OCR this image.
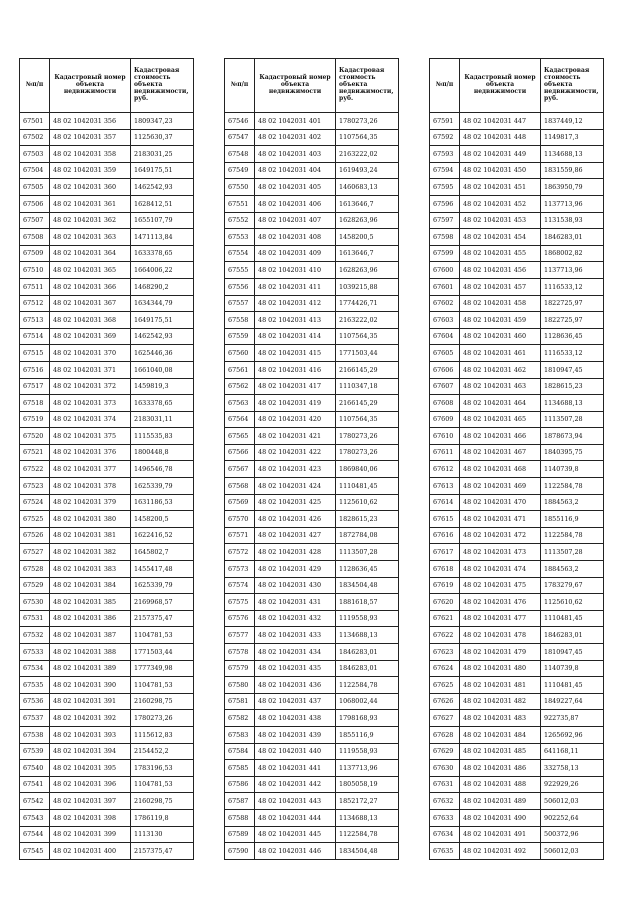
№п/п	Кадастровый номер объекта недвижимости	Кадастровая стоимость объекта недвижимости, руб.
67501	48 02 1042031 356	1809347,23
67502	48 02 1042031 357	1125630,37
67503	48 02 1042031 358	2183031,25
67504	48 02 1042031 359	1649175,51
67505	48 02 1042031 360	1462542,93
67506	48 02 1042031 361	1628412,51
67507	48 02 1042031 362	1655107,79
67508	48 02 1042031 363	1471113,84
67509	48 02 1042031 364	1633378,65
67510	48 02 1042031 365	1664006,22
67511	48 02 1042031 366	1468290,2
67512	48 02 1042031 367	1634344,79
67513	48 02 1042031 368	1649175,51
67514	48 02 1042031 369	1462542,93
67515	48 02 1042031 370	1625446,36
67516	48 02 1042031 371	1661040,08
67517	48 02 1042031 372	1459819,3
67518	48 02 1042031 373	1633378,65
67519	48 02 1042031 374	2183031,11
67520	48 02 1042031 375	1115535,83
67521	48 02 1042031 376	1800448,8
67522	48 02 1042031 377	1496546,78
67523	48 02 1042031 378	1625339,79
67524	48 02 1042031 379	1631186,53
67525	48 02 1042031 380	1458200,5
67526	48 02 1042031 381	1622416,52
67527	48 02 1042031 382	1645802,7
67528	48 02 1042031 383	1455417,48
67529	48 02 1042031 384	1625339,79
67530	48 02 1042031 385	2169968,57
67531	48 02 1042031 386	2157375,47
67532	48 02 1042031 387	1104781,53
67533	48 02 1042031 388	1771503,44
67534	48 02 1042031 389	1777349,98
67535	48 02 1042031 390	1104781,53
67536	48 02 1042031 391	2160298,75
67537	48 02 1042031 392	1780273,26
67538	48 02 1042031 393	1115612,83
67539	48 02 1042031 394	2154452,2
67540	48 02 1042031 395	1783196,53
67541	48 02 1042031 396	1104781,53
67542	48 02 1042031 397	2160298,75
67543	48 02 1042031 398	1786119,8
67544	48 02 1042031 399	1113130
67545	48 02 1042031 400	2157375,47
№п/п	Кадастровый номер объекта недвижимости	Кадастровая стоимость объекта недвижимости, руб.
67546	48 02 1042031 401	1780273,26
67547	48 02 1042031 402	1107564,35
67548	48 02 1042031 403	2163222,02
67549	48 02 1042031 404	1619493,24
67550	48 02 1042031 405	1460683,13
67551	48 02 1042031 406	1613646,7
67552	48 02 1042031 407	1628263,96
67553	48 02 1042031 408	1458200,5
67554	48 02 1042031 409	1613646,7
67555	48 02 1042031 410	1628263,96
67556	48 02 1042031 411	1039215,88
67557	48 02 1042031 412	1774426,71
67558	48 02 1042031 413	2163222,02
67559	48 02 1042031 414	1107564,35
67560	48 02 1042031 415	1771503,44
67561	48 02 1042031 416	2166145,29
67562	48 02 1042031 417	1110347,18
67563	48 02 1042031 419	2166145,29
67564	48 02 1042031 420	1107564,35
67565	48 02 1042031 421	1780273,26
67566	48 02 1042031 422	1780273,26
67567	48 02 1042031 423	1869840,06
67568	48 02 1042031 424	1110481,45
67569	48 02 1042031 425	1125610,62
67570	48 02 1042031 426	1828615,23
67571	48 02 1042031 427	1872784,08
67572	48 02 1042031 428	1113507,28
67573	48 02 1042031 429	1128636,45
67574	48 02 1042031 430	1834504,48
67575	48 02 1042031 431	1881618,57
67576	48 02 1042031 432	1119558,93
67577	48 02 1042031 433	1134688,13
67578	48 02 1042031 434	1846283,01
67579	48 02 1042031 435	1846283,01
67580	48 02 1042031 436	1122584,78
67581	48 02 1042031 437	1068002,44
67582	48 02 1042031 438	1798168,93
67583	48 02 1042031 439	1855116,9
67584	48 02 1042031 440	1119558,93
67585	48 02 1042031 441	1137713,96
67586	48 02 1042031 442	1805058,19
67587	48 02 1042031 443	1852172,27
67588	48 02 1042031 444	1134688,13
67589	48 02 1042031 445	1122584,78
67590	48 02 1042031 446	1834504,48
№п/п	Кадастровый номер объекта недвижимости	Кадастровая стоимость объекта недвижимости, руб.
67591	48 02 1042031 447	1837449,12
67592	48 02 1042031 448	1149817,3
67593	48 02 1042031 449	1134688,13
67594	48 02 1042031 450	1831559,86
67595	48 02 1042031 451	1863950,79
67596	48 02 1042031 452	1137713,96
67597	48 02 1042031 453	1131538,93
67598	48 02 1042031 454	1846283,01
67599	48 02 1042031 455	1868002,82
67600	48 02 1042031 456	1137713,96
67601	48 02 1042031 457	1116533,12
67602	48 02 1042031 458	1822725,97
67603	48 02 1042031 459	1822725,97
67604	48 02 1042031 460	1128636,45
67605	48 02 1042031 461	1116533,12
67606	48 02 1042031 462	1810947,45
67607	48 02 1042031 463	1828615,23
67608	48 02 1042031 464	1134688,13
67609	48 02 1042031 465	1113507,28
67610	48 02 1042031 466	1878673,94
67611	48 02 1042031 467	1840395,75
67612	48 02 1042031 468	1140739,8
67613	48 02 1042031 469	1122584,78
67614	48 02 1042031 470	1884563,2
67615	48 02 1042031 471	1855116,9
67616	48 02 1042031 472	1122584,78
67617	48 02 1042031 473	1113507,28
67618	48 02 1042031 474	1884563,2
67619	48 02 1042031 475	1783279,67
67620	48 02 1042031 476	1125610,62
67621	48 02 1042031 477	1110481,45
67622	48 02 1042031 478	1846283,01
67623	48 02 1042031 479	1810947,45
67624	48 02 1042031 480	1140739,8
67625	48 02 1042031 481	1110481,45
67626	48 02 1042031 482	1849227,64
67627	48 02 1042031 483	922735,87
67628	48 02 1042031 484	1265692,96
67629	48 02 1042031 485	641168,11
67630	48 02 1042031 486	332758,13
67631	48 02 1042031 488	922929,26
67632	48 02 1042031 489	506012,03
67633	48 02 1042031 490	902252,64
67634	48 02 1042031 491	500372,96
67635	48 02 1042031 492	506012,03
